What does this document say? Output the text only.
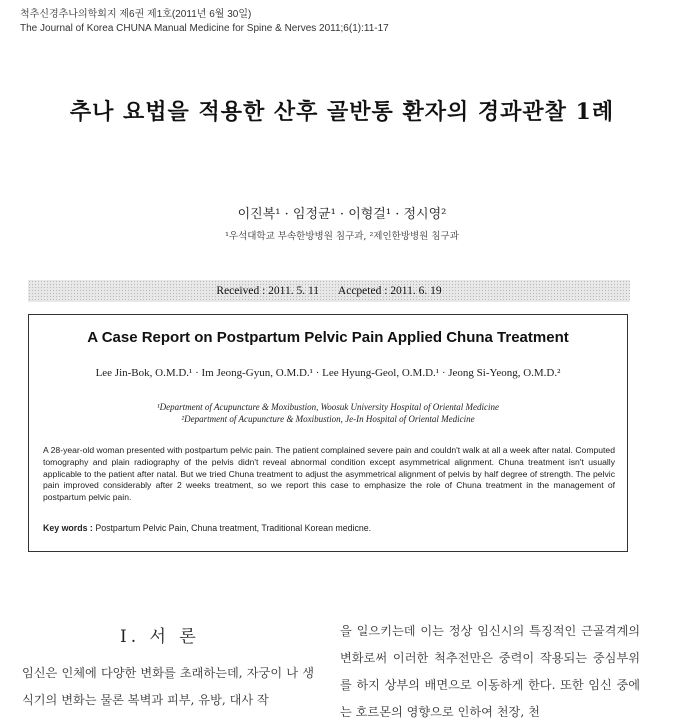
척추신경추나의학회지 제6권 제1호(2011년 6월 30일)
The Journal of Korea CHUNA Manual Medicine for Spine & Nerves 2011;6(1):11-17
추나 요법을 적용한 산후 골반통 환자의 경과관찰 1례
이진복¹ · 임정균¹ · 이형걸¹ · 정시영²
¹우석대학교 부속한방병원 침구과, ²제인한방병원 침구과
Received : 2011. 5. 11 Accpeted : 2011. 6. 19
A Case Report on Postpartum Pelvic Pain Applied Chuna Treatment
Lee Jin-Bok, O.M.D.¹ · Im Jeong-Gyun, O.M.D.¹ · Lee Hyung-Geol, O.M.D.¹ · Jeong Si-Yeong, O.M.D.²
¹Department of Acupuncture & Moxibustion, Woosuk University Hospital of Oriental Medicine
²Department of Acupuncture & Moxibustion, Je-In Hospital of Oriental Medicine
A 28-year-old woman presented with postpartum pelvic pain. The patient complained severe pain and couldn't walk at all a week after natal. Computed tomography and plain radiography of the pelvis didn't reveal abnormal condition except asymmetrical alignment. Chuna treatment isn't usually applicable to the patient after natal. But we tried Chuna treatment to adjust the asymmetrical alignment of pelvis by half degree of strength. The pelvic pain improved considerably after 2 weeks treatment, so we report this case to emphasize the role of Chuna treatment in the management of postpartum pelvic pain.
Key words : Postpartum Pelvic Pain, Chuna treatment, Traditional Korean medicne.
I. 서 론
임신은 인체에 다양한 변화를 초래하는데, 자궁이 나 생식기의 변화는 물론 복벽과 피부, 유방, 대사 작
을 일으키는데 이는 정상 임신시의 특징적인 근골격계의 변화로써 이러한 척추전만은 중력이 작용되는 중심부위를 하지 상부의 배면으로 이동하게 한다. 또한 임신 중에는 호르몬의 영향으로 인하여 천장, 천
